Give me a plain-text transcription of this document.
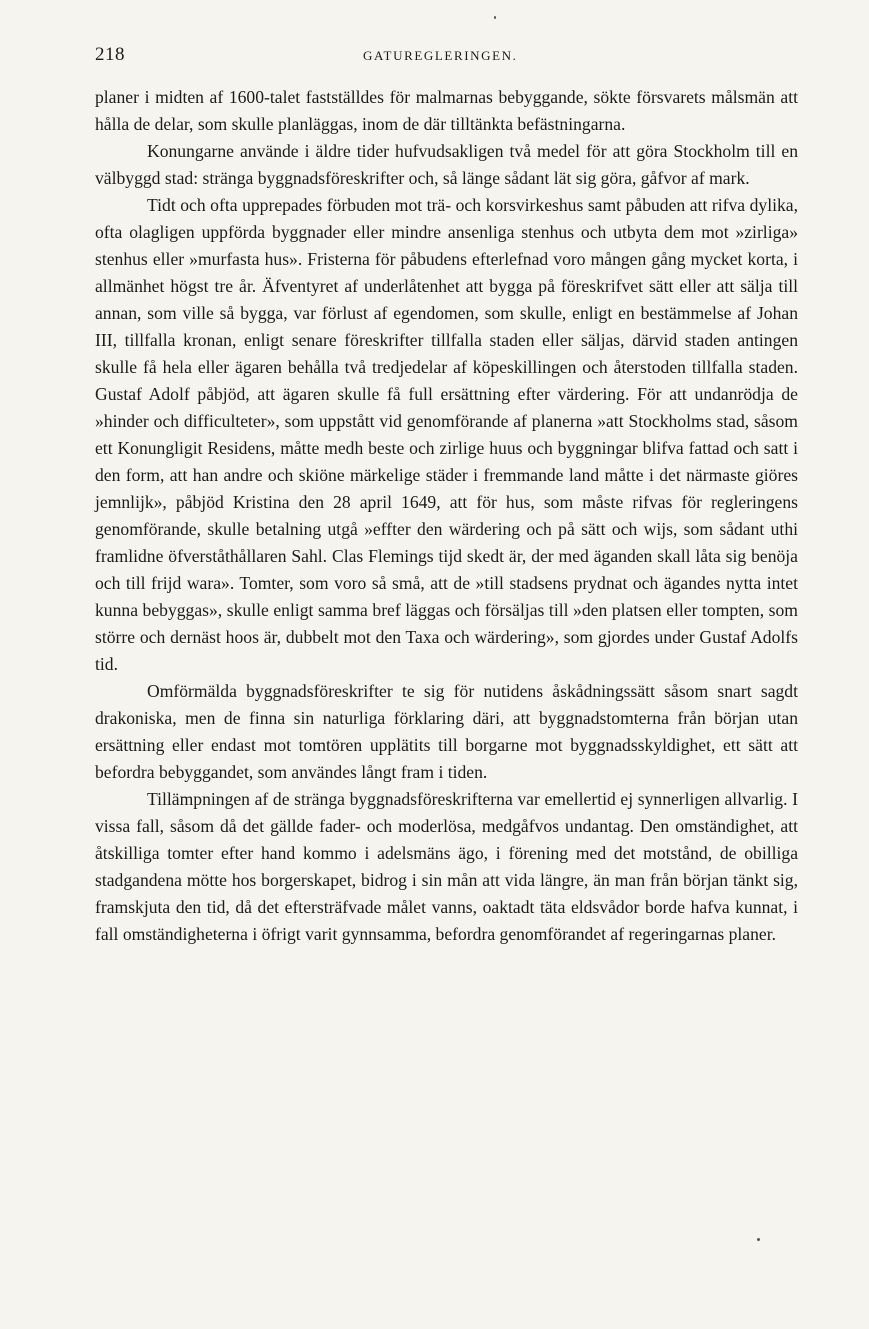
218	GATUREGLERINGEN.

planer i midten af 1600-talet fastställdes för malmarnas bebyggande, sökte försvarets målsmän att hålla de delar, som skulle planläggas, inom de där tilltänkta befästningarna.

Konungarne använde i äldre tider hufvudsakligen två medel för att göra Stockholm till en välbyggd stad: stränga byggnadsföreskrifter och, så länge sådant lät sig göra, gåfvor af mark.

Tidt och ofta upprepades förbuden mot trä- och korsvirkeshus samt påbuden att rifva dylika, ofta olagligen uppförda byggnader eller mindre ansenliga stenhus och utbyta dem mot »zirliga» stenhus eller »murfasta hus». Fristerna för påbudens efterlefnad voro mången gång mycket korta, i allmänhet högst tre år. Äfventyret af underlåtenhet att bygga på föreskrifvet sätt eller att sälja till annan, som ville så bygga, var förlust af egendomen, som skulle, enligt en bestämmelse af Johan III, tillfalla kronan, enligt senare föreskrifter tillfalla staden eller säljas, därvid staden antingen skulle få hela eller ägaren behålla två tredjedelar af köpeskillingen och återstoden tillfalla staden. Gustaf Adolf påbjöd, att ägaren skulle få full ersättning efter värdering. För att undanrödja de »hinder och difficulteter», som uppstått vid genomförande af planerna »att Stockholms stad, såsom ett Konungligit Residens, måtte medh beste och zirlige huus och byggningar blifva fattad och satt i den form, att han andre och skiöne märkelige städer i fremmande land måtte i det närmaste giöres jemnlijk», påbjöd Kristina den 28 april 1649, att för hus, som måste rifvas för regleringens genomförande, skulle betalning utgå »effter den wärdering och på sätt och wijs, som sådant uthi framlidne öfverståthållaren Sahl. Clas Flemings tijd skedt är, der med äganden skall låta sig benöja och till frijd wara». Tomter, som voro så små, att de »till stadsens prydnat och ägandes nytta intet kunna bebyggas», skulle enligt samma bref läggas och försäljas till »den platsen eller tompten, som större och dernäst hoos är, dubbelt mot den Taxa och wärdering», som gjordes under Gustaf Adolfs tid.

Omförmälda byggnadsföreskrifter te sig för nutidens åskådningssätt såsom snart sagdt drakoniska, men de finna sin naturliga förklaring däri, att byggnadstomterna från början utan ersättning eller endast mot tomtören upplätits till borgarne mot byggnadsskyldighet, ett sätt att befordra bebyggandet, som användes långt fram i tiden.

Tillämpningen af de stränga byggnadsföreskrifterna var emellertid ej synnerligen allvarlig. I vissa fall, såsom då det gällde fader- och moderlösa, medgåfvos undantag. Den omständighet, att åtskilliga tomter efter hand kommo i adelsmäns ägo, i förening med det motstånd, de obilliga stadgandena mötte hos borgerskapet, bidrog i sin mån att vida längre, än man från början tänkt sig, framskjuta den tid, då det eftersträfvade målet vanns, oaktadt täta eldsvådor borde hafva kunnat, i fall omständigheterna i öfrigt varit gynnsamma, befordra genomförandet af regeringarnas planer.
